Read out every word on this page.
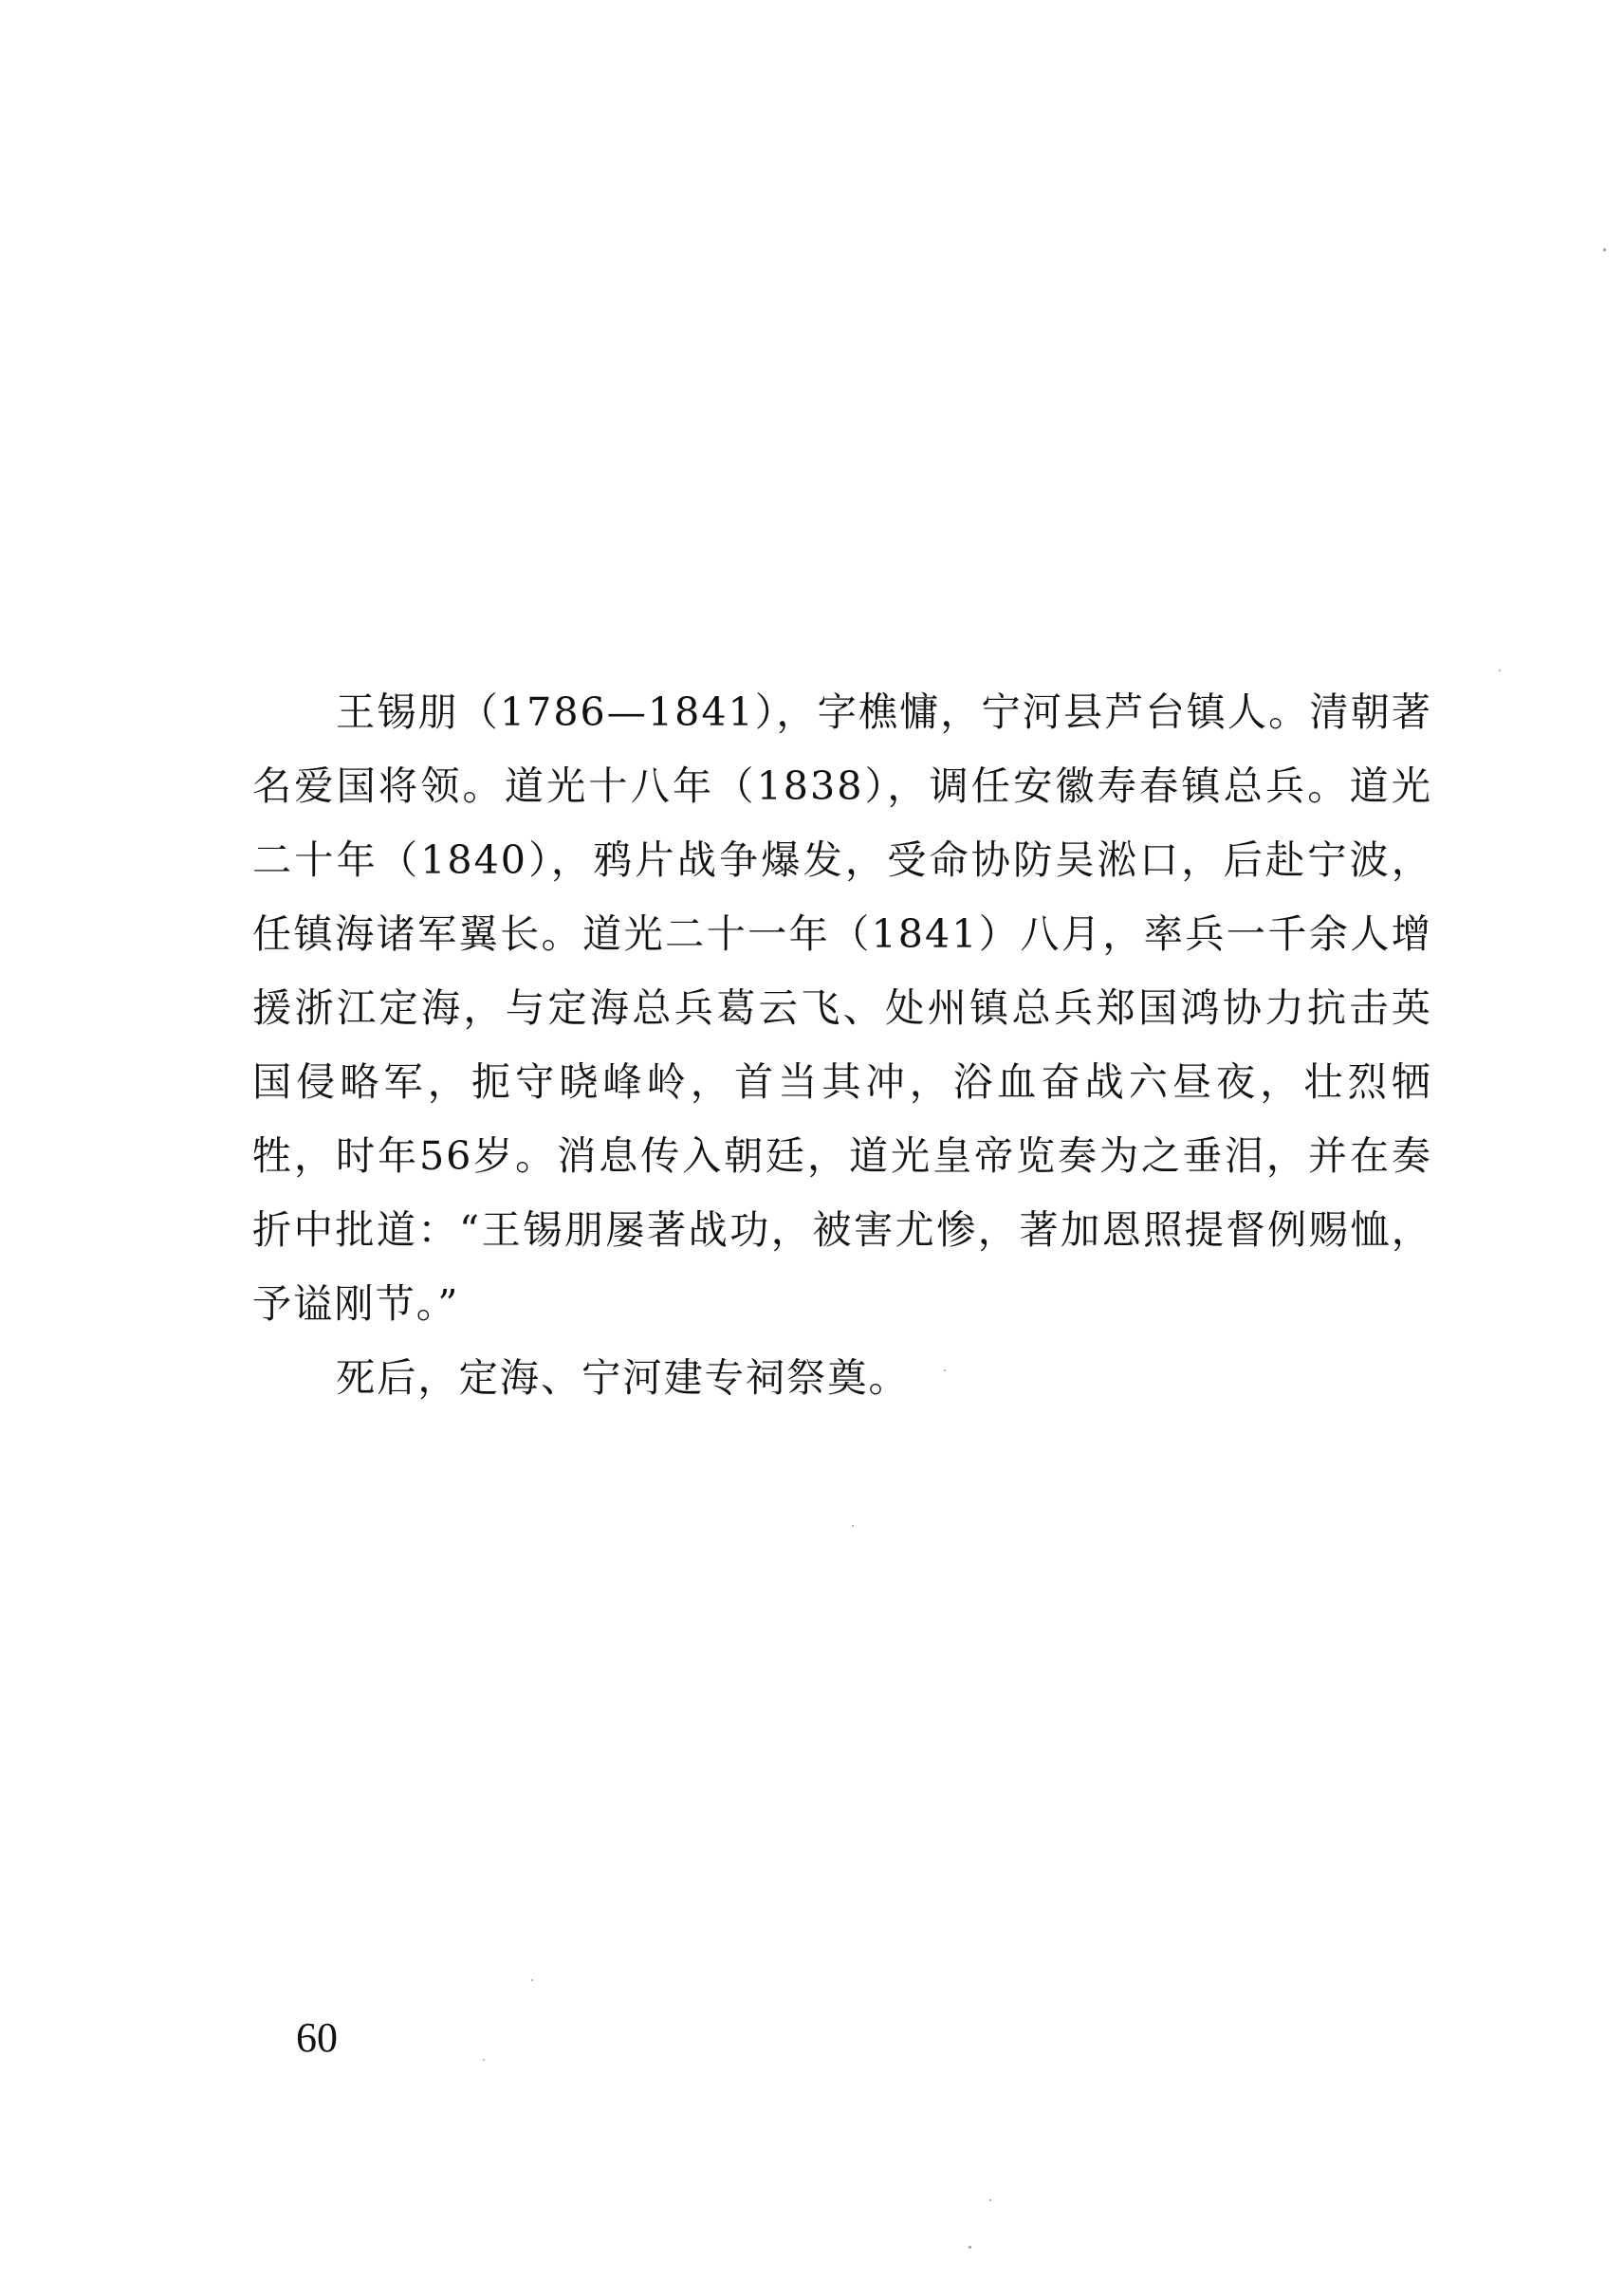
王锡朋（1786—1841），字樵慵，宁河县芦台镇人。清朝著名爱国将领。道光十八年（1838），调任安徽寿春镇总兵。道光二十年（1840），鸦片战争爆发，受命协防吴淞口，后赴宁波，任镇海诸军翼长。道光二十一年（1841）八月，率兵一千余人增援浙江定海，与定海总兵葛云飞、处州镇总兵郑国鸿协力抗击英国侵略军，扼守晓峰岭，首当其冲，浴血奋战六昼夜，壮烈牺牲，时年56岁。消息传入朝廷，道光皇帝览奏为之垂泪，并在奏折中批道：“王锡朋屡著战功，被害尤惨，著加恩照提督例赐恤，予谥刚节。”

死后，定海、宁河建专祠祭奠。

60
